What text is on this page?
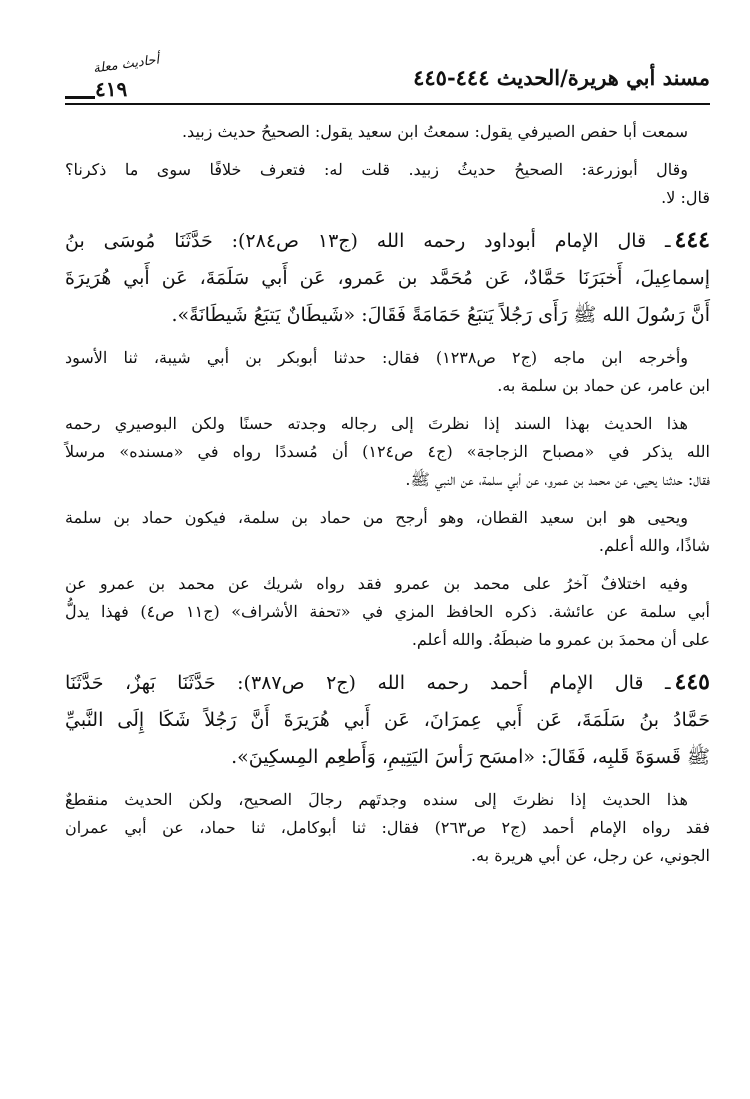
مسند أبي هريرة/الحديث ٤٤٤-٤٤٥
أحاديث معلة
٤١٩
سمعت أبا حفص الصيرفي يقول: سمعتُ ابن سعيد يقول: الصحيحُ حديث زبيد.
وقال أبوزرعة: الصحيحُ حديثُ زبيد. قلت له: فتعرف خلافًا سوى ما ذكرنا؟
قال: لا.
٤٤٤ـ قال الإمام أبوداود رحمه الله (ج١٣ ص٢٨٤): حَدَّثَنَا مُوسَى بنُ
إسماعِيلَ، أَخبَرَنَا حَمَّادٌ، عَن مُحَمَّد بن عَمرو، عَن أَبي سَلَمَةَ، عَن أَبي هُرَيرَةَ
أَنَّ رَسُولَ الله ﷺ رَأَى رَجُلاً يَتبَعُ حَمَامَةً فَقَالَ: «شَيطَانٌ يَتبَعُ شَيطَانَةً».
وأخرجه ابن ماجه (ج٢ ص١٢٣٨) فقال: حدثنا أبوبكر بن أبي شيبة، ثنا الأسود
ابن عامر، عن حماد بن سلمة به.
هذا الحديث بهذا السند إذا نظرتَ إلى رجاله وجدته حسنًا ولكن البوصيري رحمه
الله يذكر في «مصباح الزجاجة» (ج٤ ص١٢٤) أن مُسددًا رواه في «مسنده» مرسلاً
فقال: حدثنا يحيى، عن محمد بن عمرو، عن أبي سلمة، عن النبي ﷺ.
ويحيى هو ابن سعيد القطان، وهو أرجح من حماد بن سلمة، فيكون حماد بن سلمة
شاذًا، والله أعلم.
وفيه اختلافٌ آخرُ على محمد بن عمرو فقد رواه شريك عن محمد بن عمرو عن
أبي سلمة عن عائشة. ذكره الحافظ المزي في «تحفة الأشراف» (ج١١ ص٤) فهذا يدلُّ
على أن محمدَ بن عمرو ما ضبطَهُ. والله أعلم.
٤٤٥ـ قال الإمام أحمد رحمه الله (ج٢ ص٣٨٧): حَدَّثَنَا بَهزٌ، حَدَّثَنَا
حَمَّادُ بنُ سَلَمَةَ، عَن أَبي عِمرَانَ، عَن أَبي هُرَيرَةَ أَنَّ رَجُلاً شَكَا إِلَى النَّبيِّ
ﷺ قَسوَةَ قَلبِه، فَقَالَ: «امسَح رَأسَ اليَتِيمِ، وَأَطعِم المِسكِينَ».
هذا الحديث إذا نظرتَ إلى سنده وجدتَهم رجالَ الصحيح، ولكن الحديث منقطعٌ
فقد رواه الإمام أحمد (ج٢ ص٢٦٣) فقال: ثنا أبوكامل، ثنا حماد، عن أبي عمران
الجوني، عن رجل، عن أبي هريرة به.
